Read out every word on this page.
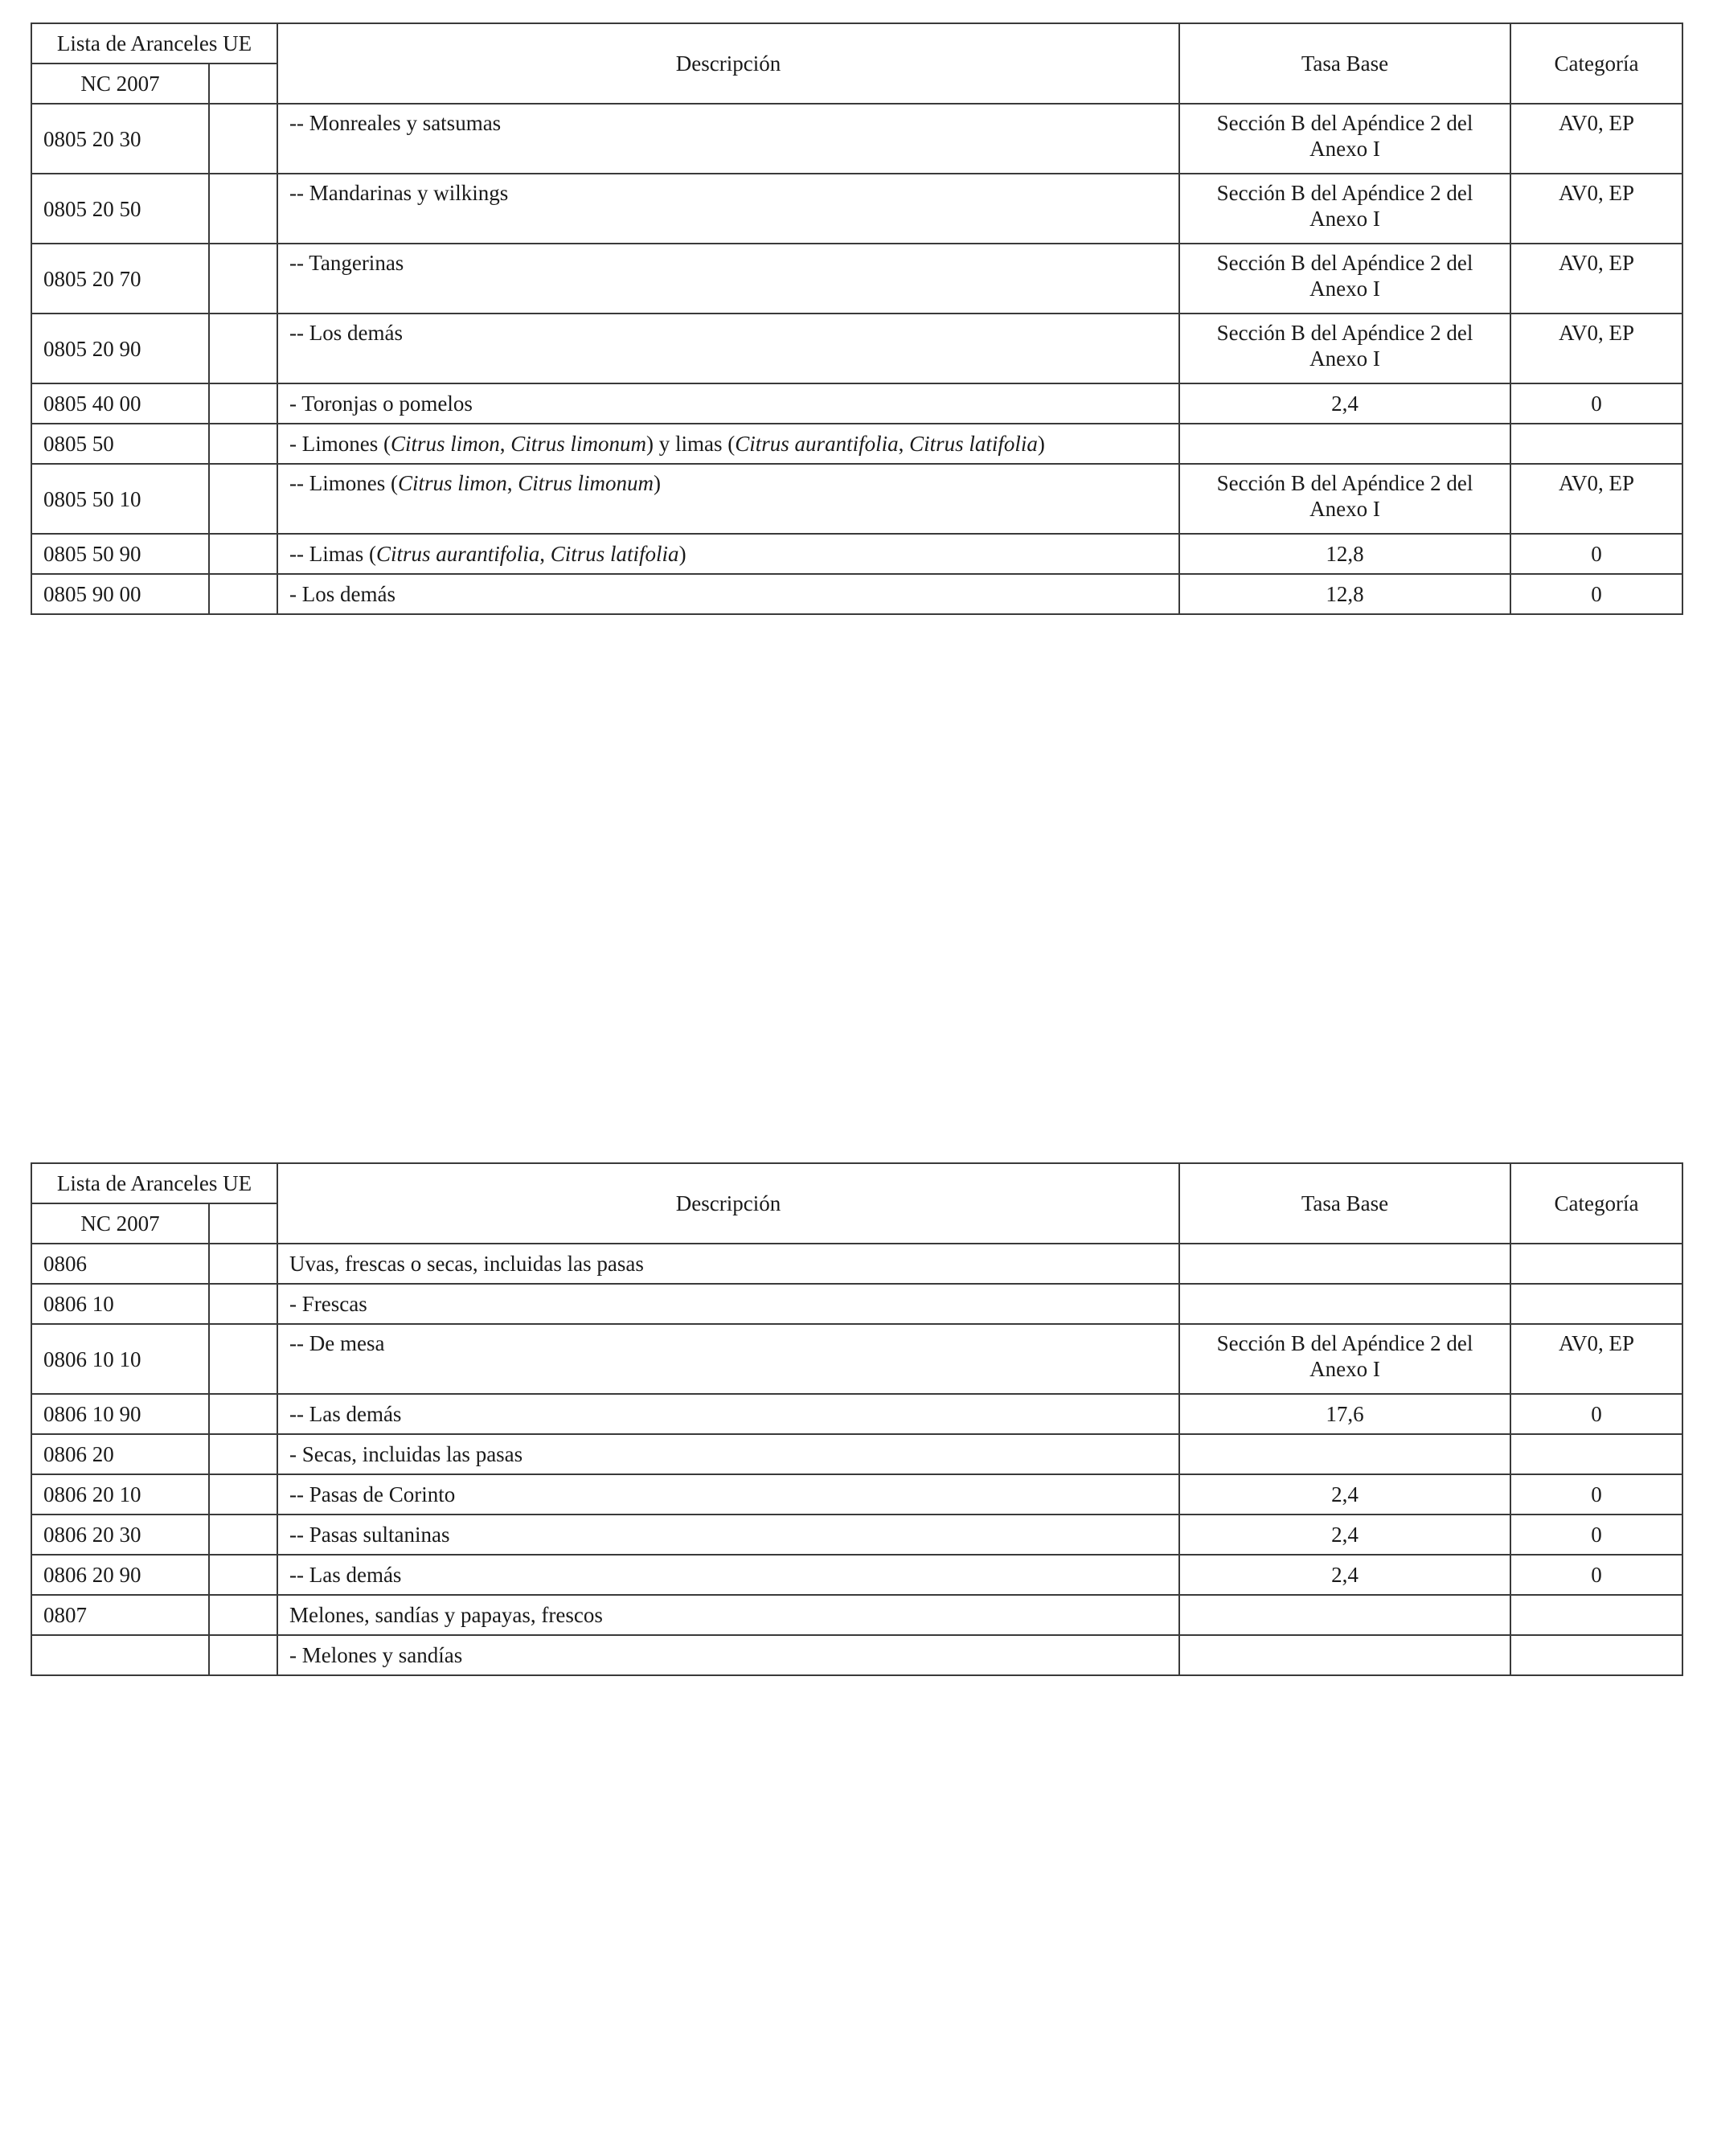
Lista de Aranceles UE		Descripción	Tasa Base	Categoría
NC 2007				
0805 20 30		-- Monreales y satsumas	Sección B del Apéndice 2 del Anexo I	AV0, EP
0805 20 50		-- Mandarinas y wilkings	Sección B del Apéndice 2 del Anexo I	AV0, EP
0805 20 70		-- Tangerinas	Sección B del Apéndice 2 del Anexo I	AV0, EP
0805 20 90		-- Los demás	Sección B del Apéndice 2 del Anexo I	AV0, EP
0805 40 00		- Toronjas o pomelos	2,4	0
0805 50		- Limones (Citrus limon, Citrus limonum) y limas (Citrus aurantifolia, Citrus latifolia)		
0805 50 10		-- Limones (Citrus limon, Citrus limonum)	Sección B del Apéndice 2 del Anexo I	AV0, EP
0805 50 90		-- Limas (Citrus aurantifolia, Citrus latifolia)	12,8	0
0805 90 00		- Los demás	12,8	0
Lista de Aranceles UE		Descripción	Tasa Base	Categoría
NC 2007				
0806		Uvas, frescas o secas, incluidas las pasas		
0806 10		- Frescas		
0806 10 10		-- De mesa	Sección B del Apéndice 2 del Anexo I	AV0, EP
0806 10 90		-- Las demás	17,6	0
0806 20		- Secas, incluidas las pasas		
0806 20 10		-- Pasas de Corinto	2,4	0
0806 20 30		-- Pasas sultaninas	2,4	0
0806 20 90		-- Las demás	2,4	0
0807		Melones, sandías y papayas, frescos		
		- Melones y sandías		
